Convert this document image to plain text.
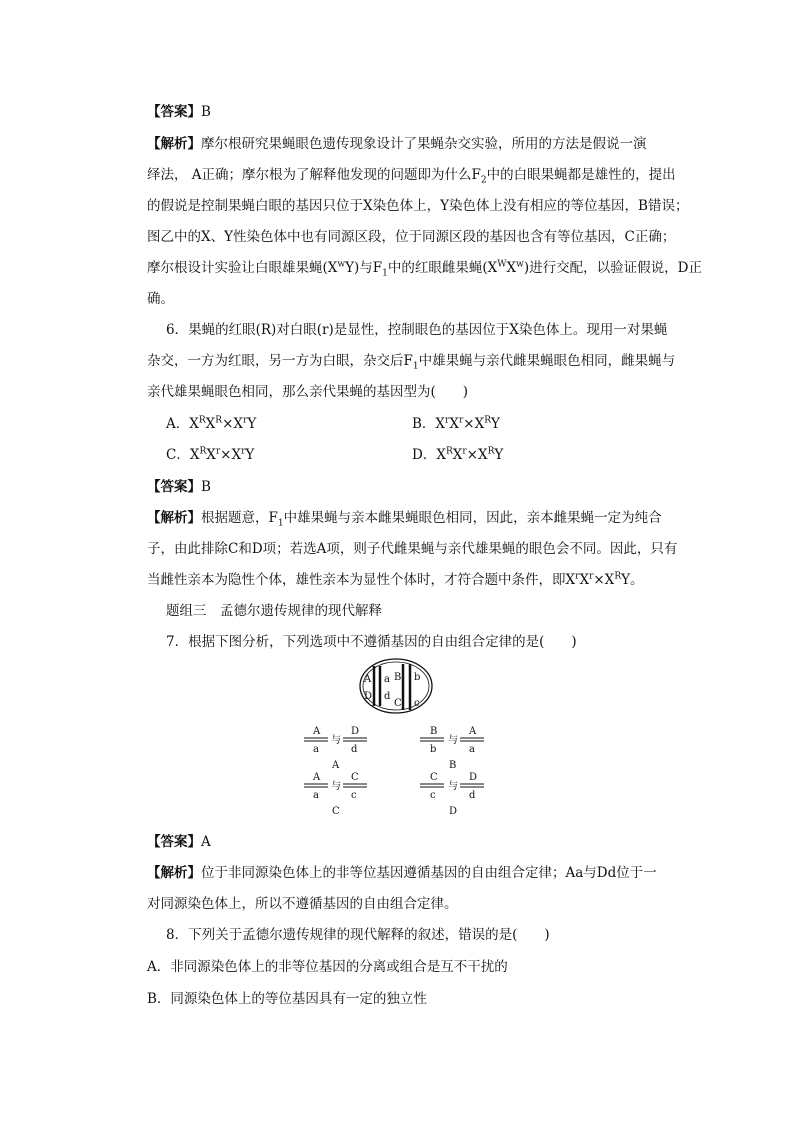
【答案】B
【解析】摩尔根研究果蝇眼色遗传现象设计了果蝇杂交实验，所用的方法是假说一演
绎法， A正确；摩尔根为了解释他发现的问题即为什么$F_2$中的白眼果蝇都是雄性的，提出
的假说是控制果蝇白眼的基因只位于X染色体上，Y染色体上没有相应的等位基因，B错误；
图乙中的X、Y性染色体中也有同源区段，位于同源区段的基因也含有等位基因，C正确；
摩尔根设计实验让白眼雄果蝇$(X^wY)$与$F_1$中的红眼雌果蝇$(X^WX^w)$进行交配，以验证假说，D正
确。
6．果蝇的红眼(R)对白眼(r)是显性，控制眼色的基因位于X染色体上。现用一对果蝇
杂交，一方为红眼，另一方为白眼，杂交后$F_1$中雄果蝇与亲代雌果蝇眼色相同，雌果蝇与
亲代雄果蝇眼色相同，那么亲代果蝇的基因型为(　　)
A．$X^RX^R\times X^rY$	B．$X^rX^r\times X^RY$
C．$X^RX^r\times X^rY$	D．$X^RX^r\times X^RY$
【答案】B
【解析】根据题意，$F_1$中雄果蝇与亲本雌果蝇眼色相同，因此，亲本雌果蝇一定为纯合
子，由此排除C和D项；若选A项，则子代雌果蝇与亲代雄果蝇的眼色会不同。因此，只有
当雌性亲本为隐性个体，雄性亲本为显性个体时，才符合题中条件，即$X^rX^r\times X^RY$。
题组三　孟德尔遗传规律的现代解释
7．根据下图分析，下列选项中不遵循基因的自由组合定律的是(　　)
A a B b
D d
C c
A
a
与
D
d
A
B
b
与
A
a
B
A
a
与
C
c
C
C
c
与
D
d
D
【答案】A
【解析】位于非同源染色体上的非等位基因遵循基因的自由组合定律；Aa与Dd位于一
对同源染色体上，所以不遵循基因的自由组合定律。
8．下列关于孟德尔遗传规律的现代解释的叙述，错误的是(　　)
A．非同源染色体上的非等位基因的分离或组合是互不干扰的
B．同源染色体上的等位基因具有一定的独立性
